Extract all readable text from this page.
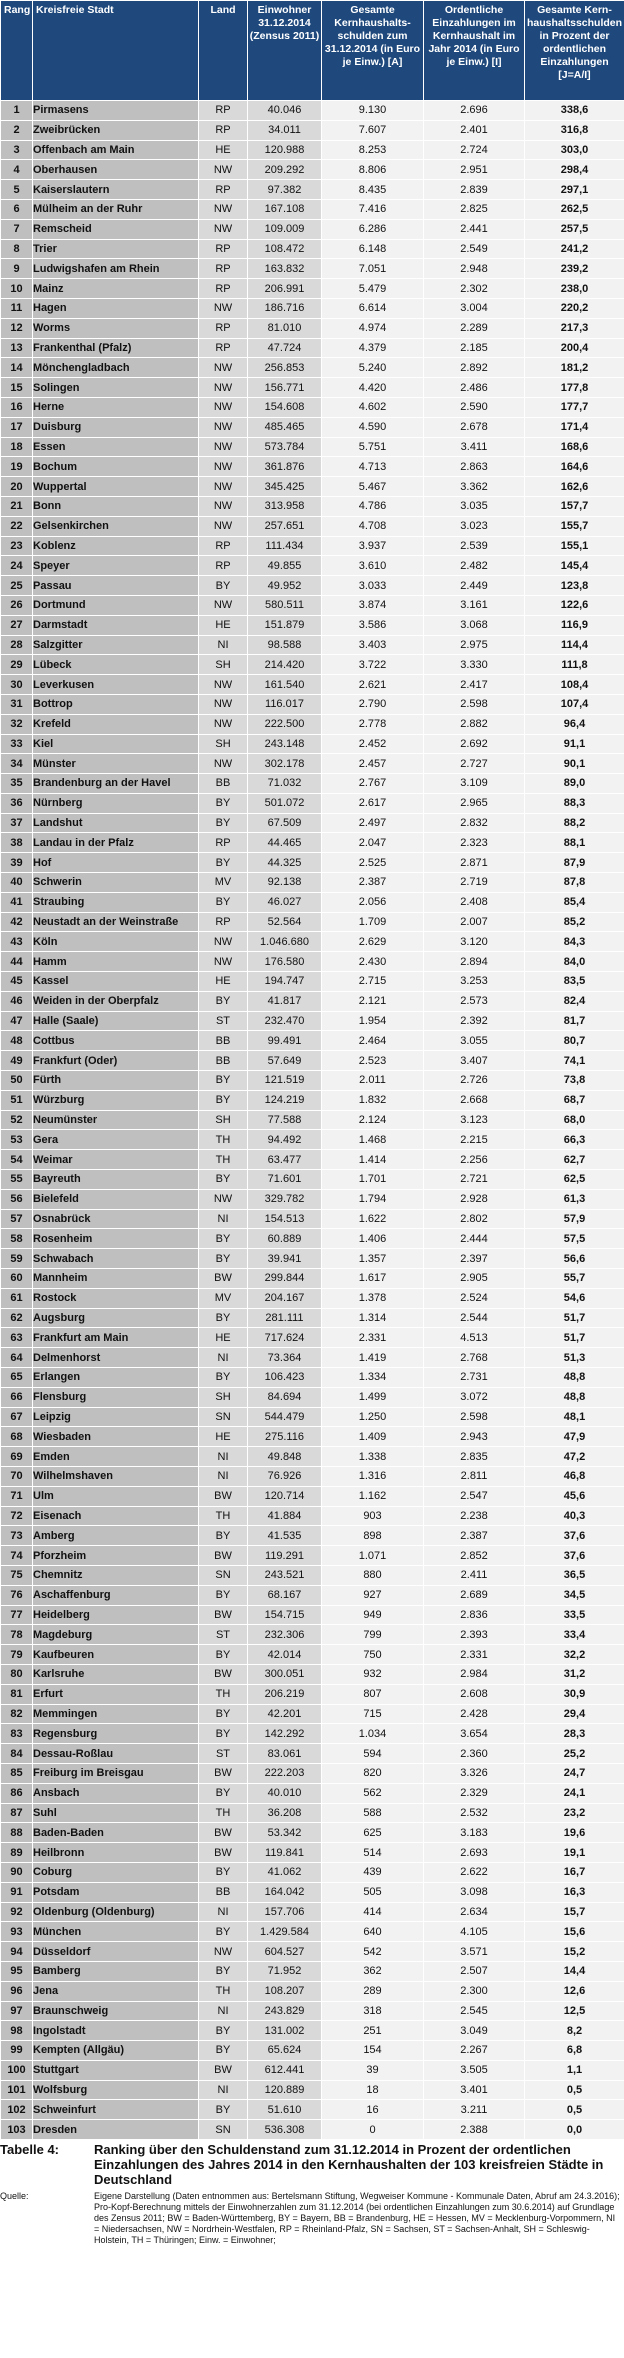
Rang	Kreisfreie Stadt	Land	Einwohner 31.12.2014 (Zensus 2011)	Gesamte Kernhaushalts-schulden zum 31.12.2014 (in Euro je Einw.) [A]	Ordentliche Einzahlungen im Kernhaushalt im Jahr 2014 (in Euro je Einw.) [I]	Gesamte Kern-haushaltsschulden in Prozent der ordentlichen Einzahlungen [J=A/I]
1	Pirmasens	RP	40.046	9.130	2.696	338,6
2	Zweibrücken	RP	34.011	7.607	2.401	316,8
3	Offenbach am Main	HE	120.988	8.253	2.724	303,0
4	Oberhausen	NW	209.292	8.806	2.951	298,4
5	Kaiserslautern	RP	97.382	8.435	2.839	297,1
6	Mülheim an der Ruhr	NW	167.108	7.416	2.825	262,5
7	Remscheid	NW	109.009	6.286	2.441	257,5
8	Trier	RP	108.472	6.148	2.549	241,2
9	Ludwigshafen am Rhein	RP	163.832	7.051	2.948	239,2
10	Mainz	RP	206.991	5.479	2.302	238,0
11	Hagen	NW	186.716	6.614	3.004	220,2
12	Worms	RP	81.010	4.974	2.289	217,3
13	Frankenthal (Pfalz)	RP	47.724	4.379	2.185	200,4
14	Mönchengladbach	NW	256.853	5.240	2.892	181,2
15	Solingen	NW	156.771	4.420	2.486	177,8
16	Herne	NW	154.608	4.602	2.590	177,7
17	Duisburg	NW	485.465	4.590	2.678	171,4
18	Essen	NW	573.784	5.751	3.411	168,6
19	Bochum	NW	361.876	4.713	2.863	164,6
20	Wuppertal	NW	345.425	5.467	3.362	162,6
21	Bonn	NW	313.958	4.786	3.035	157,7
22	Gelsenkirchen	NW	257.651	4.708	3.023	155,7
23	Koblenz	RP	111.434	3.937	2.539	155,1
24	Speyer	RP	49.855	3.610	2.482	145,4
25	Passau	BY	49.952	3.033	2.449	123,8
26	Dortmund	NW	580.511	3.874	3.161	122,6
27	Darmstadt	HE	151.879	3.586	3.068	116,9
28	Salzgitter	NI	98.588	3.403	2.975	114,4
29	Lübeck	SH	214.420	3.722	3.330	111,8
30	Leverkusen	NW	161.540	2.621	2.417	108,4
31	Bottrop	NW	116.017	2.790	2.598	107,4
32	Krefeld	NW	222.500	2.778	2.882	96,4
33	Kiel	SH	243.148	2.452	2.692	91,1
34	Münster	NW	302.178	2.457	2.727	90,1
35	Brandenburg an der Havel	BB	71.032	2.767	3.109	89,0
36	Nürnberg	BY	501.072	2.617	2.965	88,3
37	Landshut	BY	67.509	2.497	2.832	88,2
38	Landau in der Pfalz	RP	44.465	2.047	2.323	88,1
39	Hof	BY	44.325	2.525	2.871	87,9
40	Schwerin	MV	92.138	2.387	2.719	87,8
41	Straubing	BY	46.027	2.056	2.408	85,4
42	Neustadt an der Weinstraße	RP	52.564	1.709	2.007	85,2
43	Köln	NW	1.046.680	2.629	3.120	84,3
44	Hamm	NW	176.580	2.430	2.894	84,0
45	Kassel	HE	194.747	2.715	3.253	83,5
46	Weiden in der Oberpfalz	BY	41.817	2.121	2.573	82,4
47	Halle (Saale)	ST	232.470	1.954	2.392	81,7
48	Cottbus	BB	99.491	2.464	3.055	80,7
49	Frankfurt (Oder)	BB	57.649	2.523	3.407	74,1
50	Fürth	BY	121.519	2.011	2.726	73,8
51	Würzburg	BY	124.219	1.832	2.668	68,7
52	Neumünster	SH	77.588	2.124	3.123	68,0
53	Gera	TH	94.492	1.468	2.215	66,3
54	Weimar	TH	63.477	1.414	2.256	62,7
55	Bayreuth	BY	71.601	1.701	2.721	62,5
56	Bielefeld	NW	329.782	1.794	2.928	61,3
57	Osnabrück	NI	154.513	1.622	2.802	57,9
58	Rosenheim	BY	60.889	1.406	2.444	57,5
59	Schwabach	BY	39.941	1.357	2.397	56,6
60	Mannheim	BW	299.844	1.617	2.905	55,7
61	Rostock	MV	204.167	1.378	2.524	54,6
62	Augsburg	BY	281.111	1.314	2.544	51,7
63	Frankfurt am Main	HE	717.624	2.331	4.513	51,7
64	Delmenhorst	NI	73.364	1.419	2.768	51,3
65	Erlangen	BY	106.423	1.334	2.731	48,8
66	Flensburg	SH	84.694	1.499	3.072	48,8
67	Leipzig	SN	544.479	1.250	2.598	48,1
68	Wiesbaden	HE	275.116	1.409	2.943	47,9
69	Emden	NI	49.848	1.338	2.835	47,2
70	Wilhelmshaven	NI	76.926	1.316	2.811	46,8
71	Ulm	BW	120.714	1.162	2.547	45,6
72	Eisenach	TH	41.884	903	2.238	40,3
73	Amberg	BY	41.535	898	2.387	37,6
74	Pforzheim	BW	119.291	1.071	2.852	37,6
75	Chemnitz	SN	243.521	880	2.411	36,5
76	Aschaffenburg	BY	68.167	927	2.689	34,5
77	Heidelberg	BW	154.715	949	2.836	33,5
78	Magdeburg	ST	232.306	799	2.393	33,4
79	Kaufbeuren	BY	42.014	750	2.331	32,2
80	Karlsruhe	BW	300.051	932	2.984	31,2
81	Erfurt	TH	206.219	807	2.608	30,9
82	Memmingen	BY	42.201	715	2.428	29,4
83	Regensburg	BY	142.292	1.034	3.654	28,3
84	Dessau-Roßlau	ST	83.061	594	2.360	25,2
85	Freiburg im Breisgau	BW	222.203	820	3.326	24,7
86	Ansbach	BY	40.010	562	2.329	24,1
87	Suhl	TH	36.208	588	2.532	23,2
88	Baden-Baden	BW	53.342	625	3.183	19,6
89	Heilbronn	BW	119.841	514	2.693	19,1
90	Coburg	BY	41.062	439	2.622	16,7
91	Potsdam	BB	164.042	505	3.098	16,3
92	Oldenburg (Oldenburg)	NI	157.706	414	2.634	15,7
93	München	BY	1.429.584	640	4.105	15,6
94	Düsseldorf	NW	604.527	542	3.571	15,2
95	Bamberg	BY	71.952	362	2.507	14,4
96	Jena	TH	108.207	289	2.300	12,6
97	Braunschweig	NI	243.829	318	2.545	12,5
98	Ingolstadt	BY	131.002	251	3.049	8,2
99	Kempten (Allgäu)	BY	65.624	154	2.267	6,8
100	Stuttgart	BW	612.441	39	3.505	1,1
101	Wolfsburg	NI	120.889	18	3.401	0,5
102	Schweinfurt	BY	51.610	16	3.211	0,5
103	Dresden	SN	536.308	0	2.388	0,0
Tabelle 4:	Ranking über den Schuldenstand zum 31.12.2014 in Prozent der ordentlichen Einzahlungen des Jahres 2014 in den Kernhaushalten der 103 kreisfreien Städte in Deutschland
Quelle:	Eigene Darstellung (Daten entnommen aus: Bertelsmann Stiftung, Wegweiser Kommune - Kommunale Daten, Abruf am 24.3.2016); Pro-Kopf-Berechnung mittels der Einwohnerzahlen zum 31.12.2014 (bei ordentlichen Einzahlungen zum 30.6.2014) auf Grundlage des Zensus 2011; BW = Baden-Württemberg, BY = Bayern, BB = Brandenburg, HE = Hessen, MV = Mecklenburg-Vorpommern, NI = Niedersachsen, NW = Nordrhein-Westfalen, RP = Rheinland-Pfalz, SN = Sachsen, ST = Sachsen-Anhalt, SH = Schleswig-Holstein, TH = Thüringen; Einw. = Einwohner;
